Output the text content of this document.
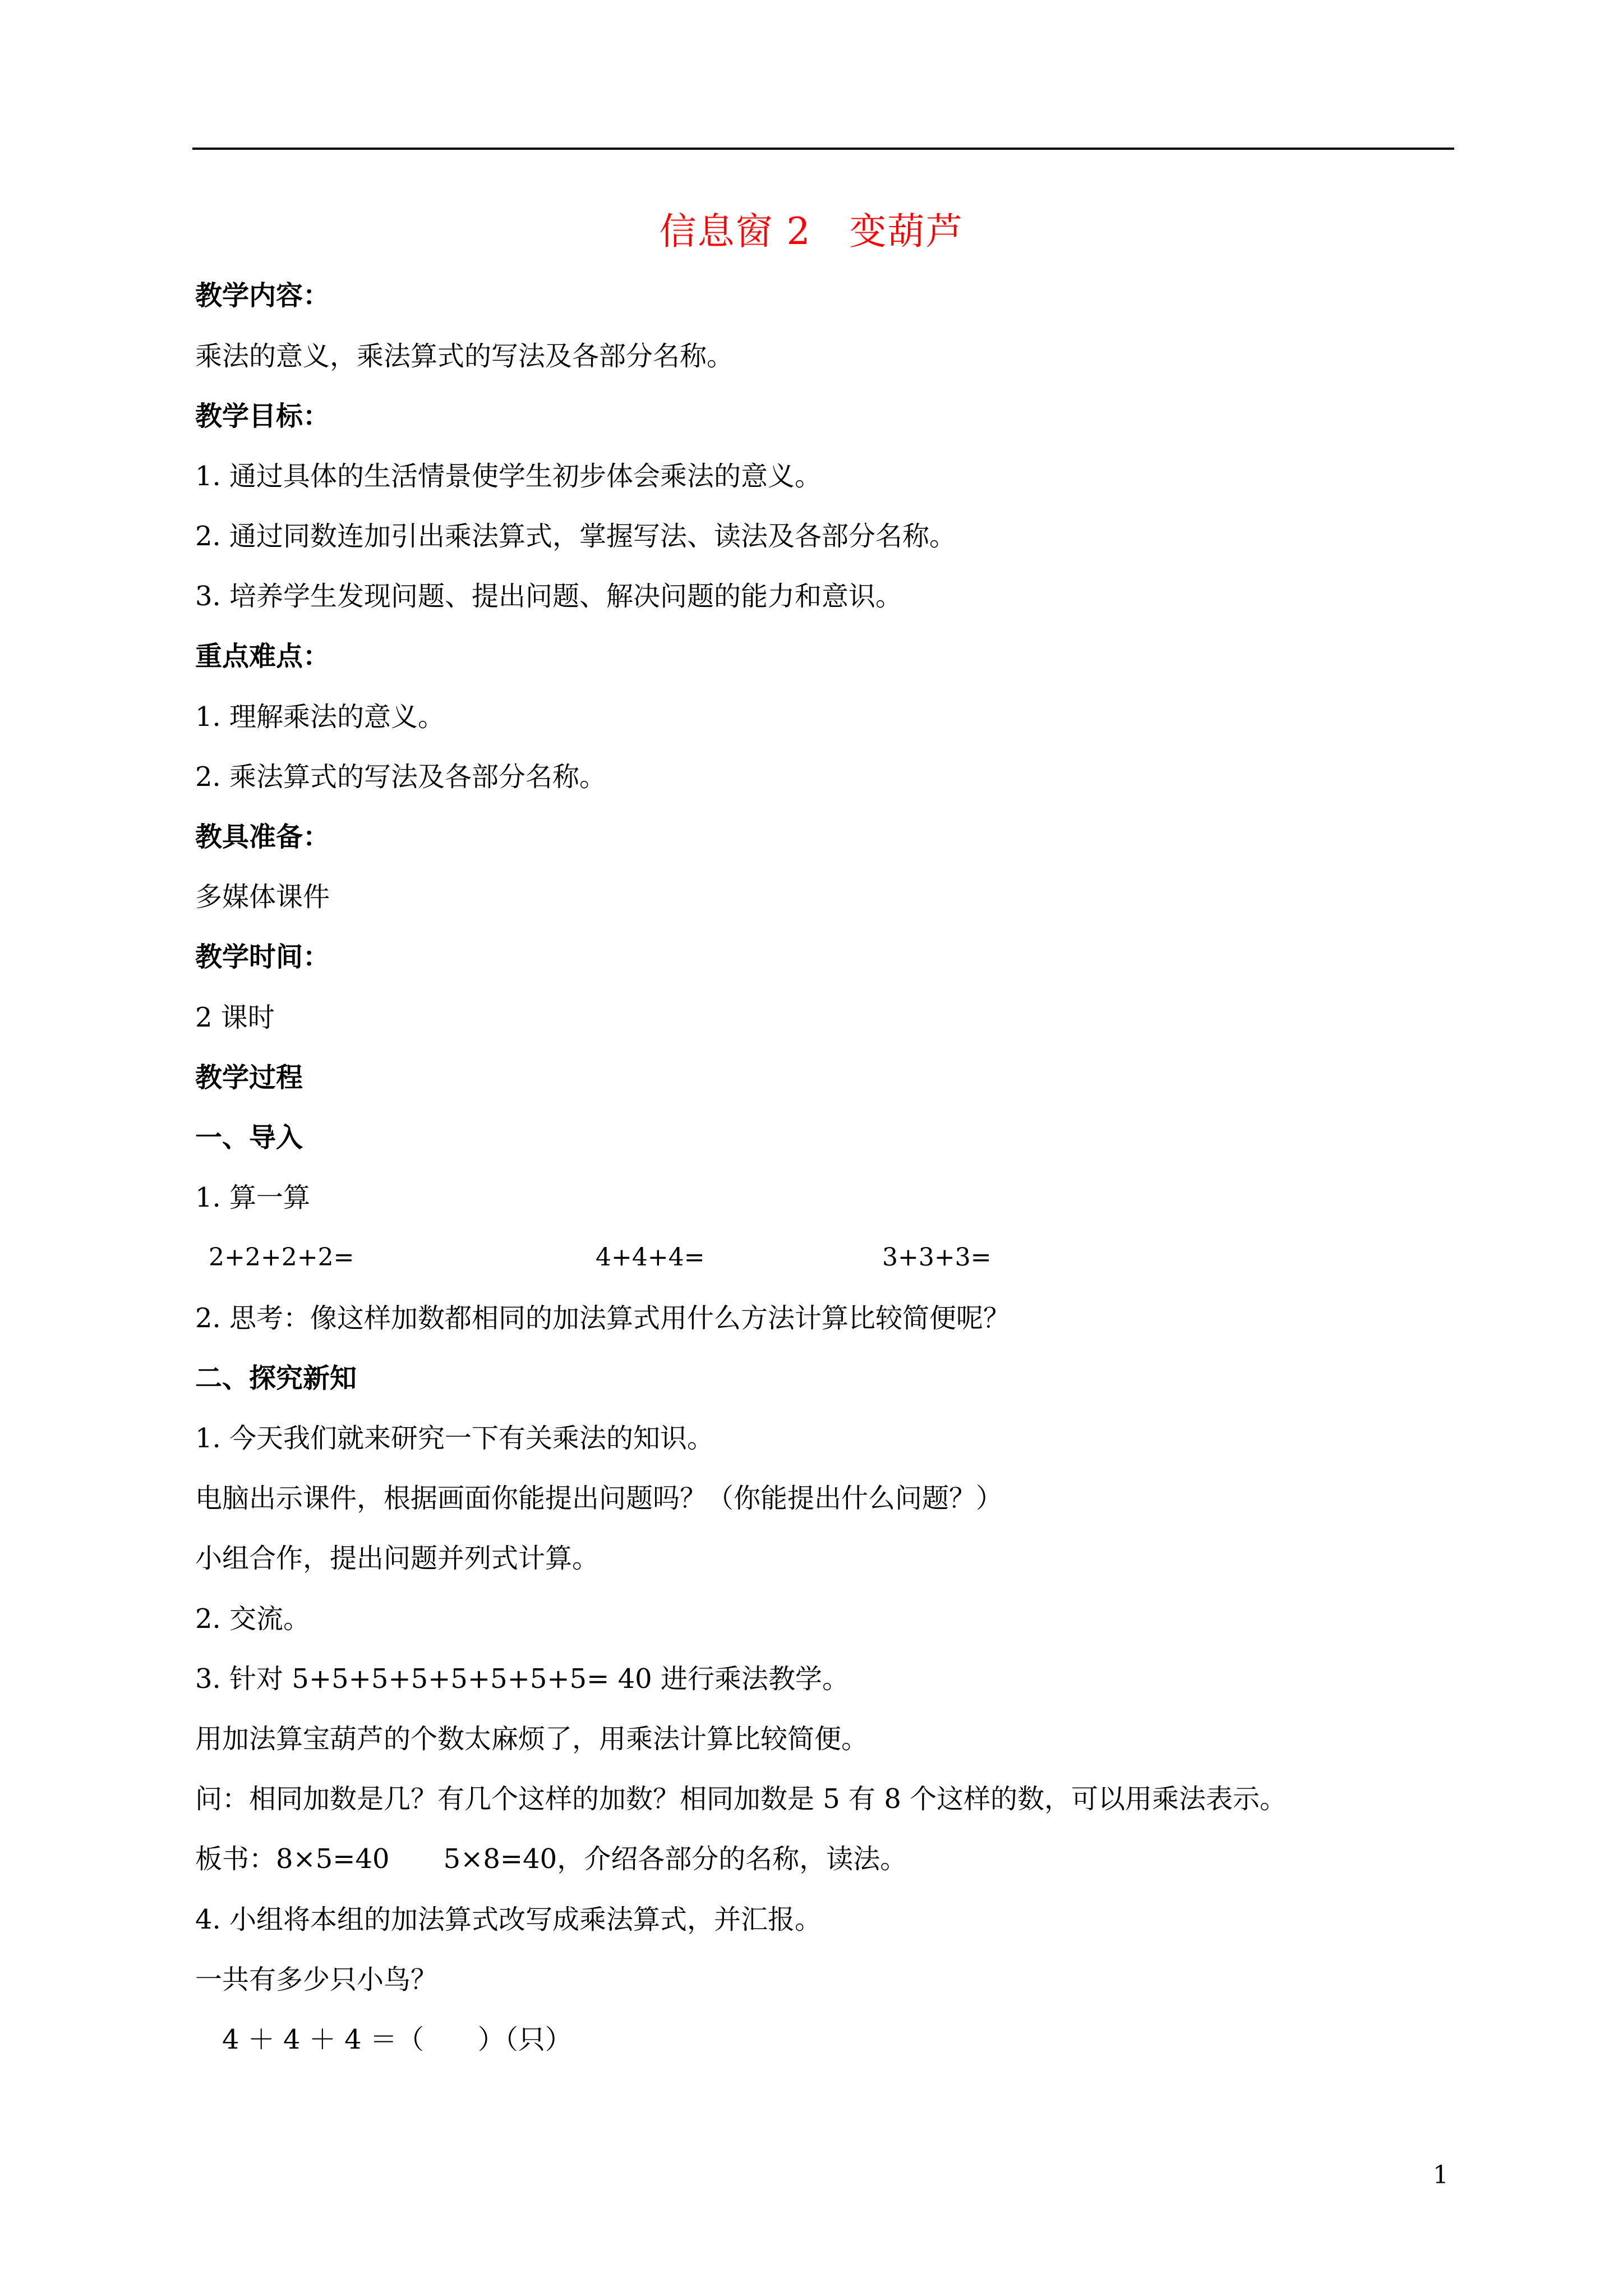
信息窗 2　变葫芦
教学内容：
乘法的意义，乘法算式的写法及各部分名称。
教学目标：
1. 通过具体的生活情景使学生初步体会乘法的意义。
2. 通过同数连加引出乘法算式，掌握写法、读法及各部分名称。
3. 培养学生发现问题、提出问题、解决问题的能力和意识。
重点难点：
1. 理解乘法的意义。
2. 乘法算式的写法及各部分名称。
教具准备：
多媒体课件
教学时间：
2 课时
教学过程
一、导入
1. 算一算
2+2+2+2=	4+4+4=	3+3+3=
2. 思考：像这样加数都相同的加法算式用什么方法计算比较简便呢？
二、探究新知
1. 今天我们就来研究一下有关乘法的知识。
电脑出示课件，根据画面你能提出问题吗？（你能提出什么问题？）
小组合作，提出问题并列式计算。
2. 交流。
3. 针对 5+5+5+5+5+5+5+5= 40 进行乘法教学。
用加法算宝葫芦的个数太麻烦了，用乘法计算比较简便。
问：相同加数是几？有几个这样的加数？相同加数是 5 有 8 个这样的数，可以用乘法表示。
板书：8×5=40　　5×8=40，介绍各部分的名称，读法。
4. 小组将本组的加法算式改写成乘法算式，并汇报。
一共有多少只小鸟？
　4 ＋ 4 ＋ 4 ＝（　　）（只）
1
